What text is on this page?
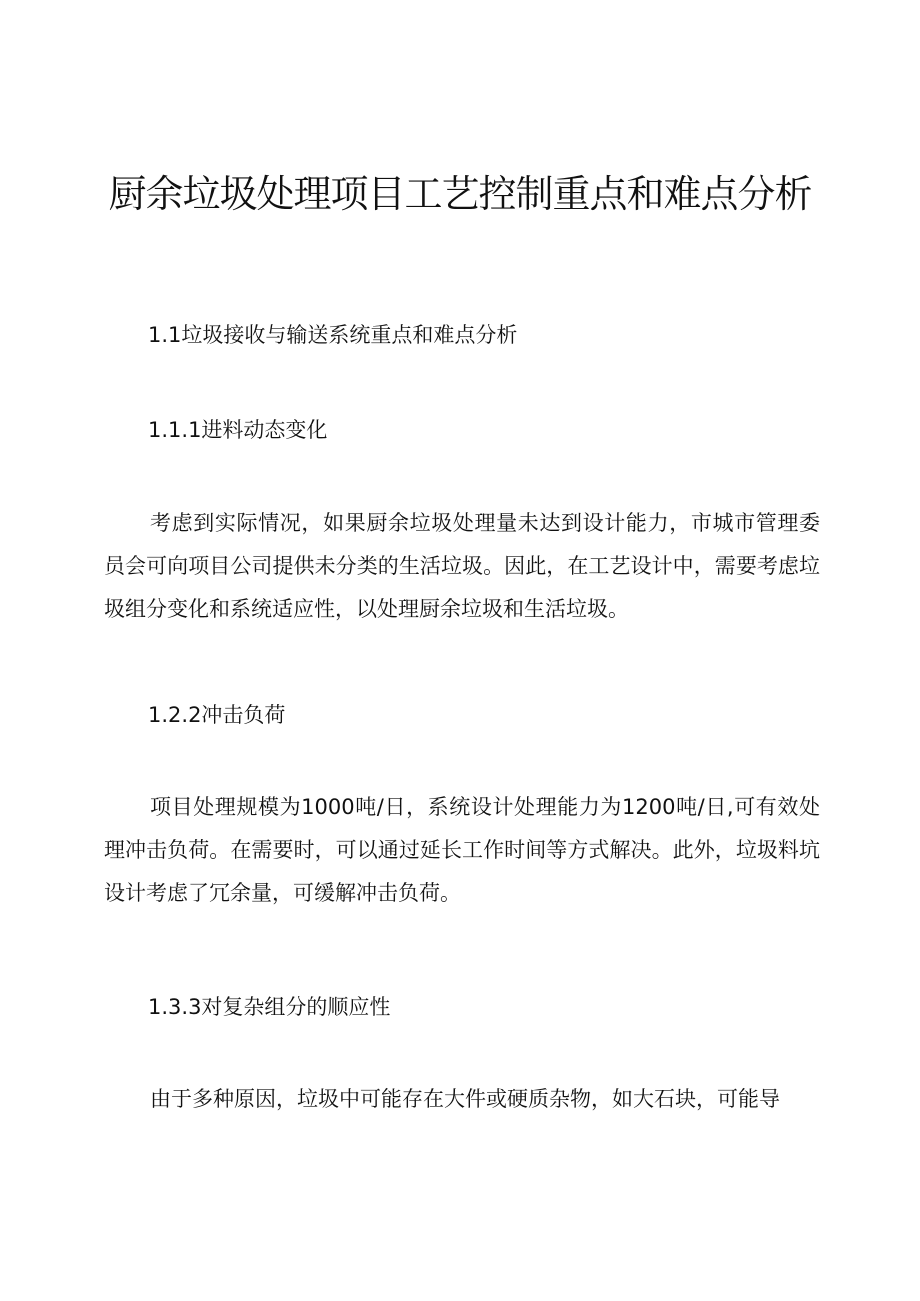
厨余垃圾处理项目工艺控制重点和难点分析

1.1垃圾接收与输送系统重点和难点分析

1.1.1进料动态变化

考虑到实际情况，如果厨余垃圾处理量未达到设计能力，市城市管理委员会可向项目公司提供未分类的生活垃圾。因此，在工艺设计中，需要考虑垃圾组分变化和系统适应性，以处理厨余垃圾和生活垃圾。

1.2.2冲击负荷

项目处理规模为1000吨/日，系统设计处理能力为1200吨/日,可有效处理冲击负荷。在需要时，可以通过延长工作时间等方式解决。此外，垃圾料坑设计考虑了冗余量，可缓解冲击负荷。

1.3.3对复杂组分的顺应性

由于多种原因，垃圾中可能存在大件或硬质杂物，如大石块，可能导
